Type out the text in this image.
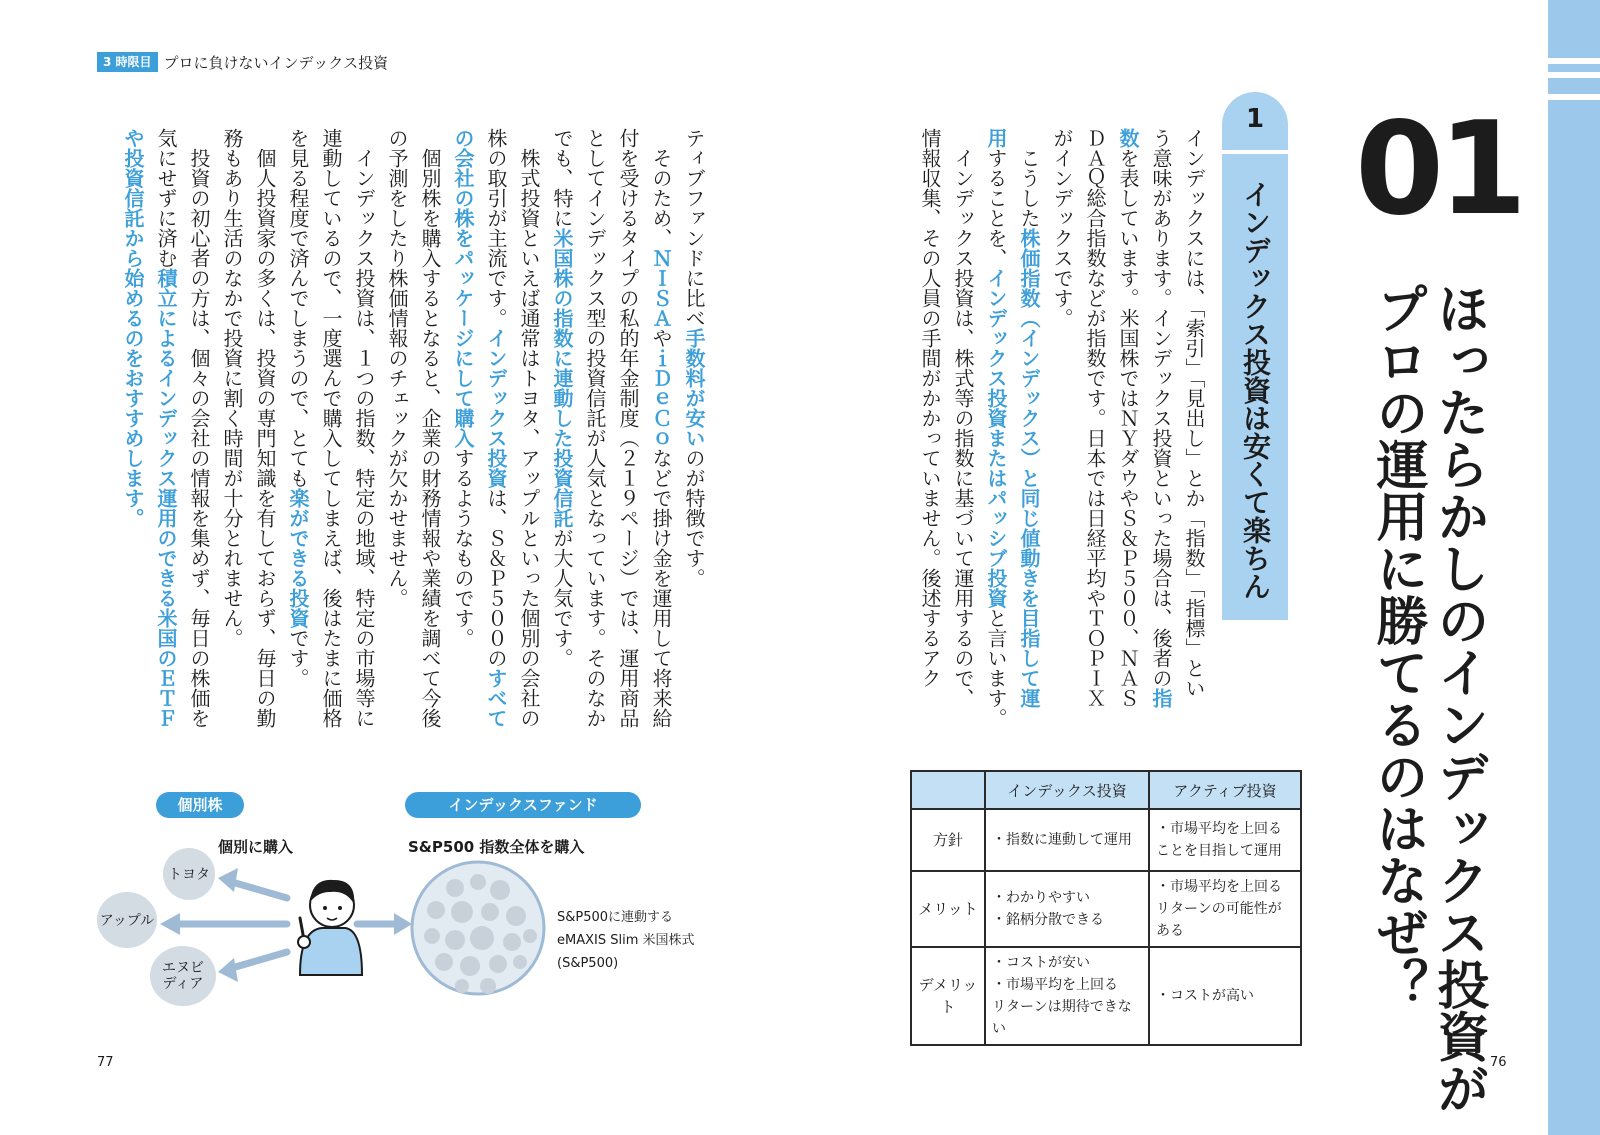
3 時限目 プロに負けないインデックス投資
01
ほったらかしのインデックス投資が
プロの運用に勝てるのはなぜ？
1
インデックス投資は安くて楽ちん
インデックスには、「索引」「見出し」とか「指数」「指標」とい
う意味があります。インデックス投資といった場合は、後者の指
数を表しています。米国株ではＮＹダウやＳ＆Ｐ５００、ＮＡＳ
ＤＡＱ総合指数などが指数です。日本では日経平均やＴＯＰＩＸ
がインデックスです。
　こうした株価指数（インデックス）と同じ値動きを目指して運
用することを、インデックス投資またはパッシブ投資と言います。
　インデックス投資は、株式等の指数に基づいて運用するので、
情報収集、その人員の手間がかかっていません。後述するアク
ティブファンドに比べ手数料が安いのが特徴です。
　そのため、ＮＩＳＡやｉＤｅＣｏなどで掛け金を運用して将来給
付を受けるタイプの私的年金制度（２１９ページ）では、運用商品
としてインデックス型の投資信託が人気となっています。そのなか
でも、特に米国株の指数に連動した投資信託が大人気です。
　株式投資といえば通常はトヨタ、アップルといった個別の会社の
株の取引が主流です。インデックス投資は、Ｓ＆Ｐ５００のすべて
の会社の株をパッケージにして購入するようなものです。
　個別株を購入するとなると、企業の財務情報や業績を調べて今後
の予測をしたり株価情報のチェックが欠かせません。
　インデックス投資は、１つの指数、特定の地域、特定の市場等に
連動しているので、一度選んで購入してしまえば、後はたまに価格
を見る程度で済んでしまうので、とても楽ができる投資です。
　個人投資家の多くは、投資の専門知識を有しておらず、毎日の勤
務もあり生活のなかで投資に割く時間が十分とれません。
　投資の初心者の方は、個々の会社の情報を集めず、毎日の株価を
気にせずに済む積立によるインデックス運用のできる米国のＥＴＦ
や投資信託から始めるのをおすすめします。
	インデックス投資	アクティブ投資
方針	・指数に連動して運用	・市場平均を上回る
ことを目指して運用
メリット	・わかりやすい
・銘柄分散できる	・市場平均を上回る
リターンの可能性がある
デメリット	・コストが安い
・市場平均を上回る
リターンは期待できない	・コストが高い
個別株	インデックスファンド
個別に購入	S&P500 指数全体を購入
トヨタ
アップル
エヌビ
ディア
S&P500に連動する
eMAXIS Slim 米国株式
(S&P500)
77	76
